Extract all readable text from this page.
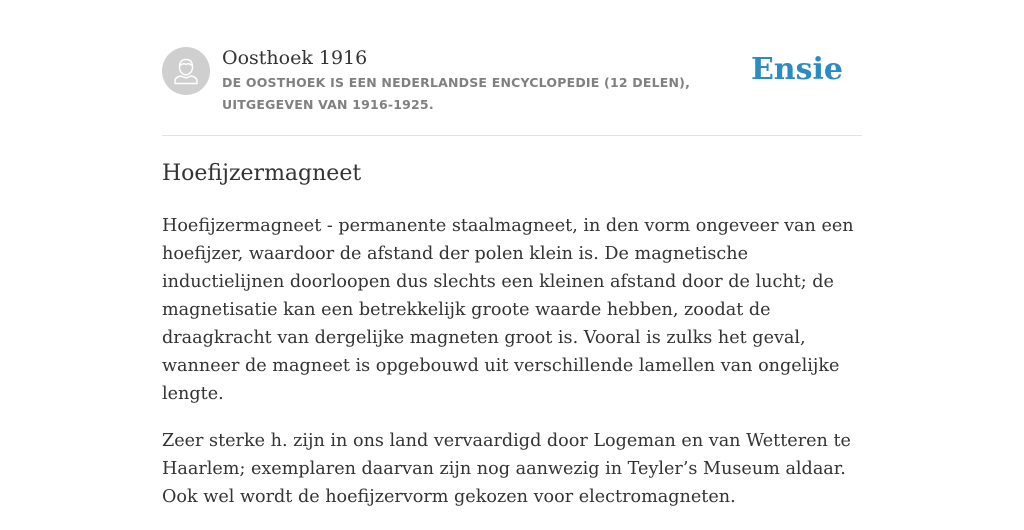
Oosthoek 1916

DE OOSTHOEK IS EEN NEDERLANDSE ENCYCLOPEDIE (12 DELEN), UITGEGEVEN VAN 1916-1925.

Ensie
Hoefijzermagneet

Hoefijzermagneet - permanente staalmagneet, in den vorm ongeveer van een hoefijzer, waardoor de afstand der polen klein is. De magnetische inductielijnen doorloopen dus slechts een kleinen afstand door de lucht; de magnetisatie kan een betrekkelijk groote waarde hebben, zoodat de draagkracht van dergelijke magneten groot is. Vooral is zulks het geval, wanneer de magneet is opgebouwd uit verschillende lamellen van ongelijke lengte.

Zeer sterke h. zijn in ons land vervaardigd door Logeman en van Wetteren te Haarlem; exemplaren daarvan zijn nog aanwezig in Teyler’s Museum aldaar. Ook wel wordt de hoefijzervorm gekozen voor electromagneten.
